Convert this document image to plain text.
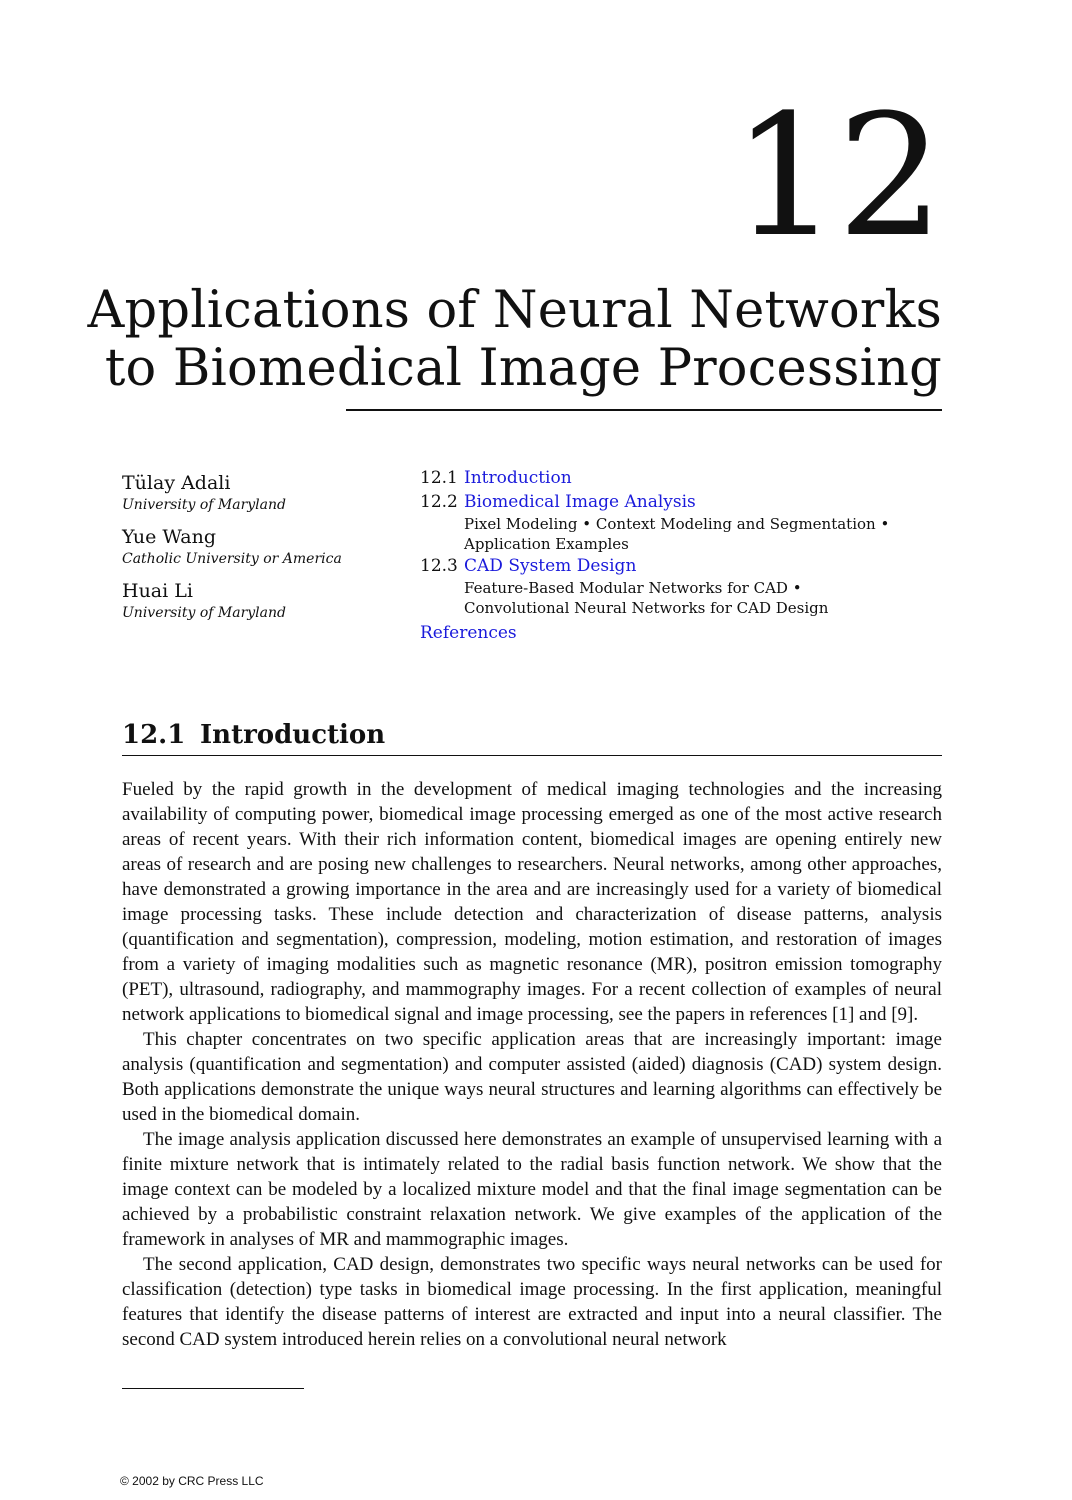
12
Applications of Neural Networks
to Biomedical Image Processing
Tülay Adali
University of Maryland
Yue Wang
Catholic University or America
Huai Li
University of Maryland
12.1 Introduction
12.2 Biomedical Image Analysis
Pixel Modeling • Context Modeling and Segmentation • Application Examples
12.3 CAD System Design
Feature-Based Modular Networks for CAD • Convolutional Neural Networks for CAD Design
References
12.1 Introduction

Fueled by the rapid growth in the development of medical imaging technologies and the increasing availability of computing power, biomedical image processing emerged as one of the most active research areas of recent years. With their rich information content, biomedical images are opening entirely new areas of research and are posing new challenges to researchers. Neural networks, among other approaches, have demonstrated a growing importance in the area and are increasingly used for a variety of biomedical image processing tasks. These include detection and characterization of disease patterns, analysis (quantification and segmentation), compression, modeling, motion estimation, and restoration of images from a variety of imaging modalities such as magnetic resonance (MR), positron emission tomography (PET), ultrasound, radiography, and mammography images. For a recent collection of examples of neural network applications to biomedical signal and image processing, see the papers in references [1] and [9].

This chapter concentrates on two specific application areas that are increasingly important: image analysis (quantification and segmentation) and computer assisted (aided) diagnosis (CAD) system design. Both applications demonstrate the unique ways neural structures and learning algorithms can effectively be used in the biomedical domain.

The image analysis application discussed here demonstrates an example of unsupervised learning with a finite mixture network that is intimately related to the radial basis function network. We show that the image context can be modeled by a localized mixture model and that the final image segmentation can be achieved by a probabilistic constraint relaxation network. We give examples of the application of the framework in analyses of MR and mammographic images.

The second application, CAD design, demonstrates two specific ways neural networks can be used for classification (detection) type tasks in biomedical image processing. In the first application, meaningful features that identify the disease patterns of interest are extracted and input into a neural classifier. The second CAD system introduced herein relies on a convolutional neural network

© 2002 by CRC Press LLC
